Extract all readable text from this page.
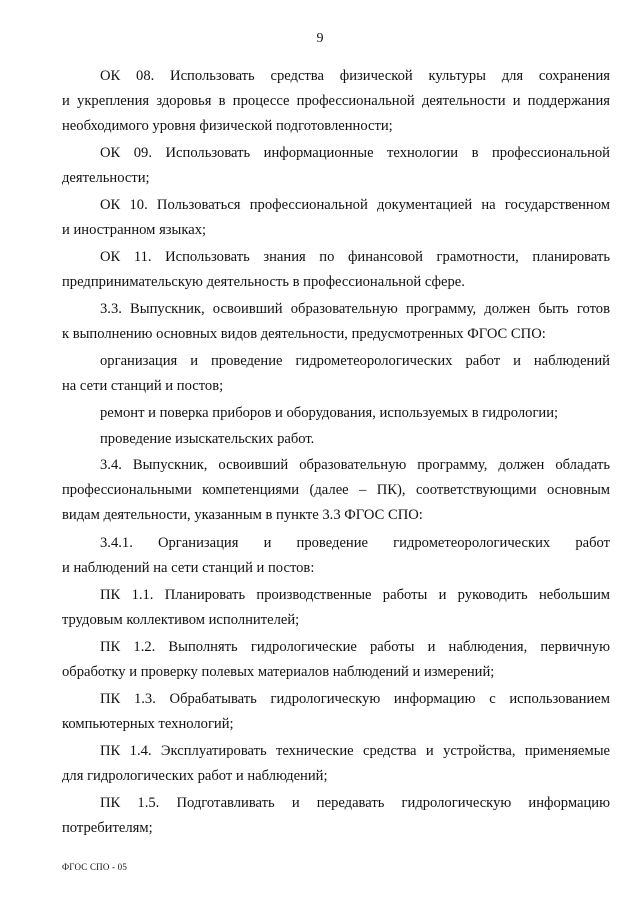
9

ОК 08. Использовать средства физической культуры для сохранения
и укрепления здоровья в процессе профессиональной деятельности и поддержания
необходимого уровня физической подготовленности;

ОК 09. Использовать информационные технологии в профессиональной
деятельности;

ОК 10. Пользоваться профессиональной документацией на государственном
и иностранном языках;

ОК 11. Использовать знания по финансовой грамотности, планировать
предпринимательскую деятельность в профессиональной сфере.

3.3. Выпускник, освоивший образовательную программу, должен быть готов
к выполнению основных видов деятельности, предусмотренных ФГОС СПО:

организация и проведение гидрометеорологических работ и наблюдений
на сети станций и постов;

ремонт и поверка приборов и оборудования, используемых в гидрологии;

проведение изыскательских работ.

3.4. Выпускник, освоивший образовательную программу, должен обладать
профессиональными компетенциями (далее – ПК), соответствующими основным
видам деятельности, указанным в пункте 3.3 ФГОС СПО:

3.4.1. Организация и проведение гидрометеорологических работ
и наблюдений на сети станций и постов:

ПК 1.1. Планировать производственные работы и руководить небольшим
трудовым коллективом исполнителей;

ПК 1.2. Выполнять гидрологические работы и наблюдения, первичную
обработку и проверку полевых материалов наблюдений и измерений;

ПК 1.3. Обрабатывать гидрологическую информацию с использованием
компьютерных технологий;

ПК 1.4. Эксплуатировать технические средства и устройства, применяемые
для гидрологических работ и наблюдений;

ПК 1.5. Подготавливать и передавать гидрологическую информацию
потребителям;

ФГОС СПО - 05
